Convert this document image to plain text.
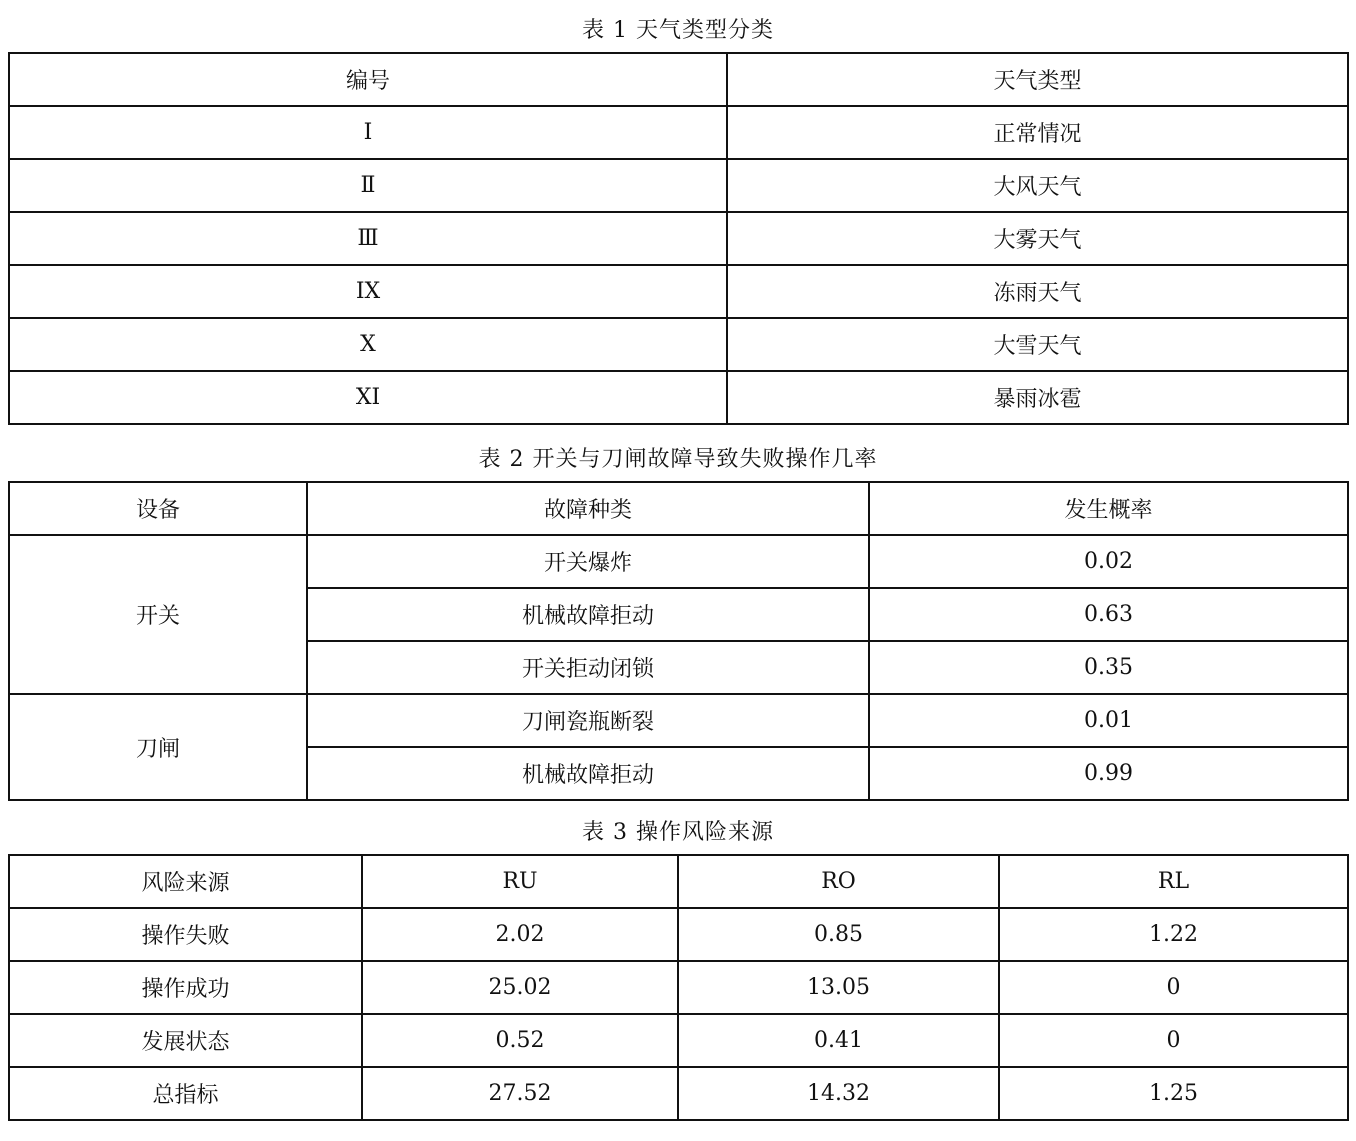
表 1 天气类型分类
编号	天气类型
Ⅰ	正常情况
Ⅱ	大风天气
Ⅲ	大雾天气
IX	冻雨天气
X	大雪天气
XI	暴雨冰雹
表 2 开关与刀闸故障导致失败操作几率
设备	故障种类	发生概率
开关	开关爆炸	0.02
	机械故障拒动	0.63
	开关拒动闭锁	0.35
刀闸	刀闸瓷瓶断裂	0.01
	机械故障拒动	0.99
表 3 操作风险来源
风险来源	RU	RO	RL
操作失败	2.02	0.85	1.22
操作成功	25.02	13.05	0
发展状态	0.52	0.41	0
总指标	27.52	14.32	1.25
